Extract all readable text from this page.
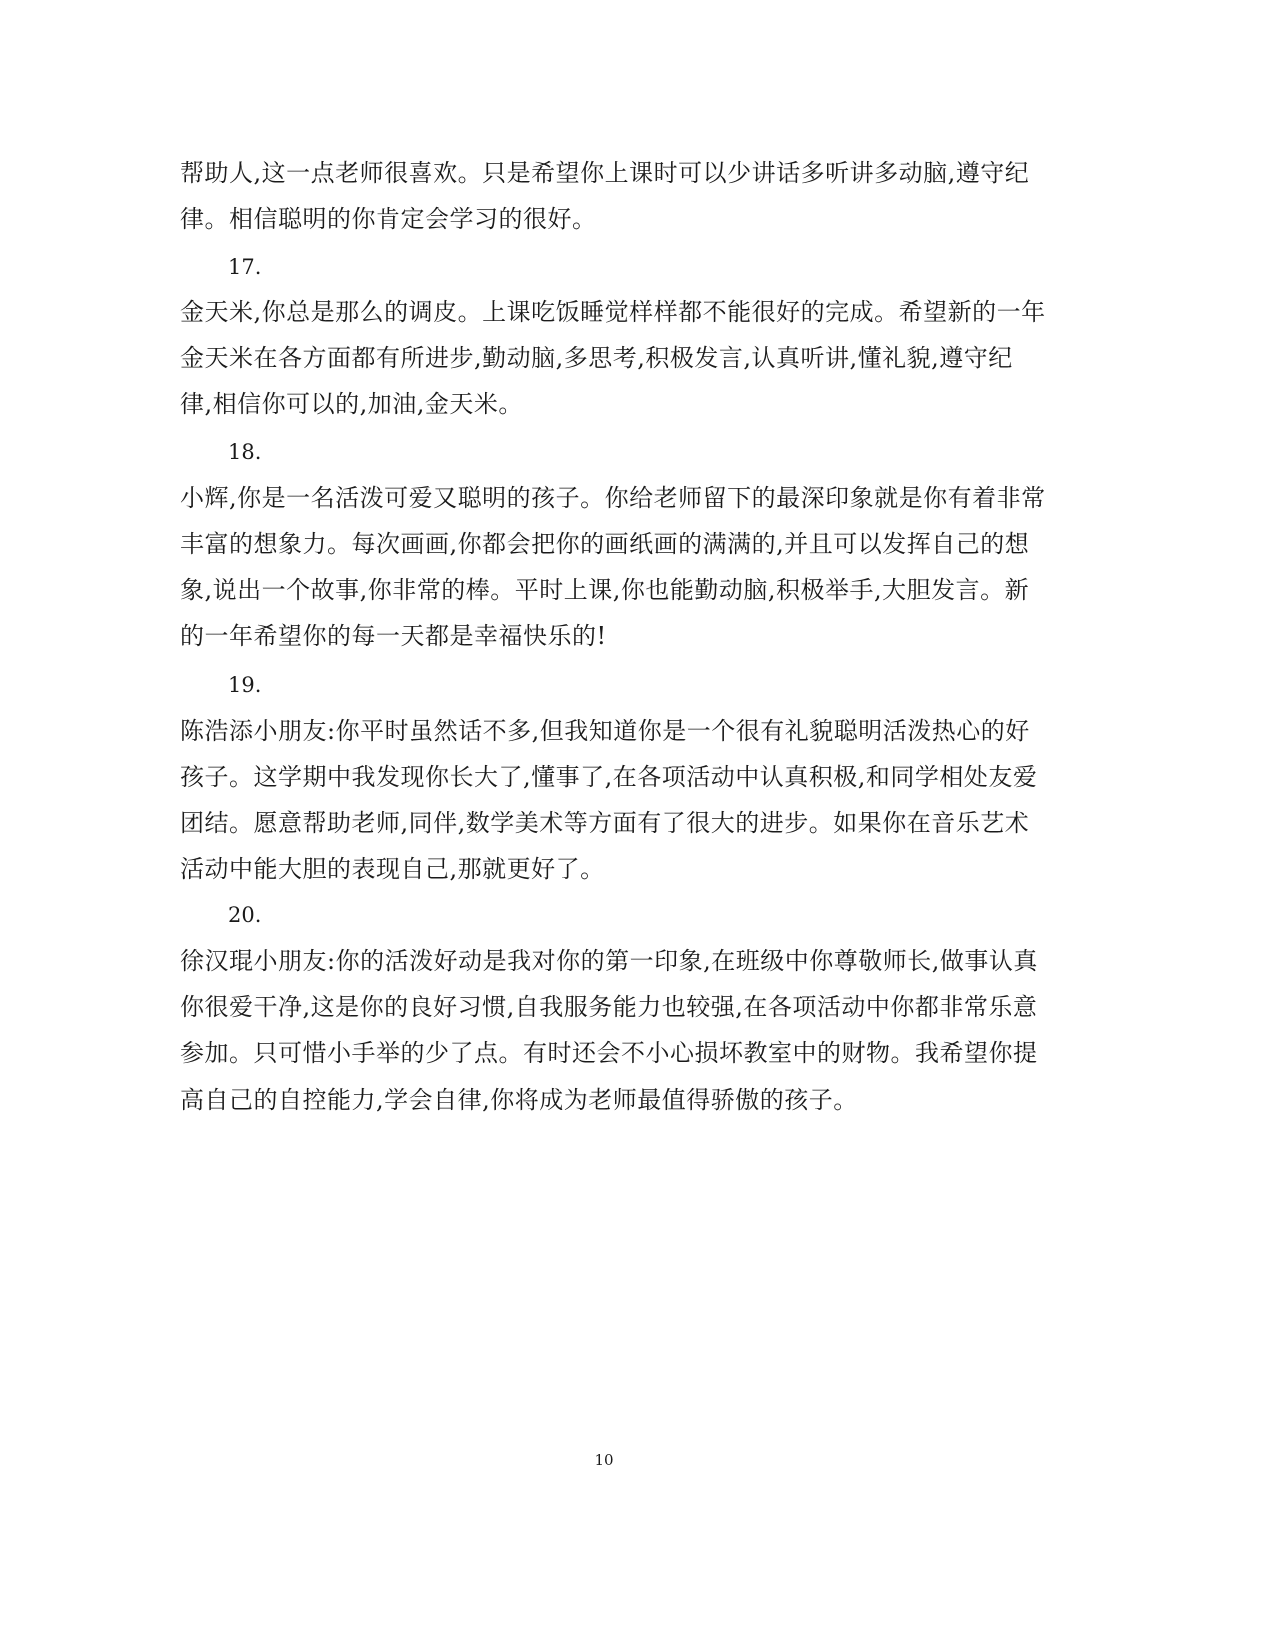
帮助人,这一点老师很喜欢。只是希望你上课时可以少讲话多听讲多动脑,遵守纪
律。相信聪明的你肯定会学习的很好。
17.
金天米,你总是那么的调皮。上课吃饭睡觉样样都不能很好的完成。希望新的一年
金天米在各方面都有所进步,勤动脑,多思考,积极发言,认真听讲,懂礼貌,遵守纪
律,相信你可以的,加油,金天米。
18.
小辉,你是一名活泼可爱又聪明的孩子。你给老师留下的最深印象就是你有着非常
丰富的想象力。每次画画,你都会把你的画纸画的满满的,并且可以发挥自己的想
象,说出一个故事,你非常的棒。平时上课,你也能勤动脑,积极举手,大胆发言。新
的一年希望你的每一天都是幸福快乐的!
19.
陈浩添小朋友:你平时虽然话不多,但我知道你是一个很有礼貌聪明活泼热心的好
孩子。这学期中我发现你长大了,懂事了,在各项活动中认真积极,和同学相处友爱
团结。愿意帮助老师,同伴,数学美术等方面有了很大的进步。如果你在音乐艺术
活动中能大胆的表现自己,那就更好了。
20.
徐汉琨小朋友:你的活泼好动是我对你的第一印象,在班级中你尊敬师长,做事认真
你很爱干净,这是你的良好习惯,自我服务能力也较强,在各项活动中你都非常乐意
参加。只可惜小手举的少了点。有时还会不小心损坏教室中的财物。我希望你提
高自己的自控能力,学会自律,你将成为老师最值得骄傲的孩子。
10
